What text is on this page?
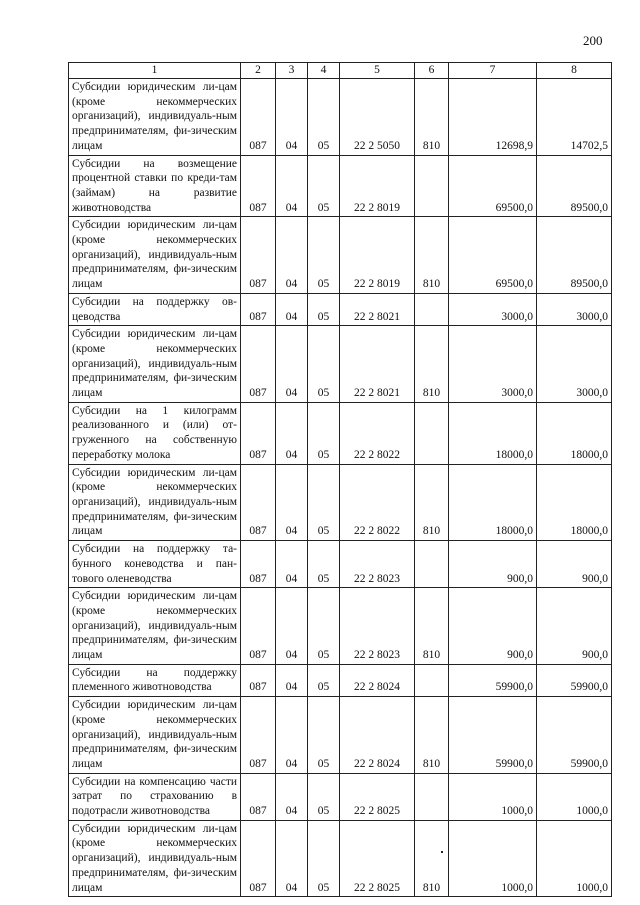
200
1	2	3	4	5	6	7	8
Субсидии юридическим ли-цам (кроме некоммерческих организаций), индивидуаль-ным предпринимателям, фи-зическим лицам	087	04	05	22 2 5050	810	12698,9	14702,5
Субсидии на возмещение процентной ставки по креди-там (займам) на развитие животноводства	087	04	05	22 2 8019		69500,0	89500,0
Субсидии юридическим ли-цам (кроме некоммерческих организаций), индивидуаль-ным предпринимателям, фи-зическим лицам	087	04	05	22 2 8019	810	69500,0	89500,0
Субсидии на поддержку ов-цеводства	087	04	05	22 2 8021		3000,0	3000,0
Субсидии юридическим ли-цам (кроме некоммерческих организаций), индивидуаль-ным предпринимателям, фи-зическим лицам	087	04	05	22 2 8021	810	3000,0	3000,0
Субсидии на 1 килограмм реализованного и (или) от-груженного на собственную переработку молока	087	04	05	22 2 8022		18000,0	18000,0
Субсидии юридическим ли-цам (кроме некоммерческих организаций), индивидуаль-ным предпринимателям, фи-зическим лицам	087	04	05	22 2 8022	810	18000,0	18000,0
Субсидии на поддержку та-бунного коневодства и пан-тового оленеводства	087	04	05	22 2 8023		900,0	900,0
Субсидии юридическим ли-цам (кроме некоммерческих организаций), индивидуаль-ным предпринимателям, фи-зическим лицам	087	04	05	22 2 8023	810	900,0	900,0
Субсидии на поддержку племенного животноводства	087	04	05	22 2 8024		59900,0	59900,0
Субсидии юридическим ли-цам (кроме некоммерческих организаций), индивидуаль-ным предпринимателям, фи-зическим лицам	087	04	05	22 2 8024	810	59900,0	59900,0
Субсидии на компенсацию части затрат по страхованию в подотрасли животноводства	087	04	05	22 2 8025		1000,0	1000,0
Субсидии юридическим ли-цам (кроме некоммерческих организаций), индивидуаль-ным предпринимателям, фи-зическим лицам	087	04	05	22 2 8025	810	1000,0	1000,0
